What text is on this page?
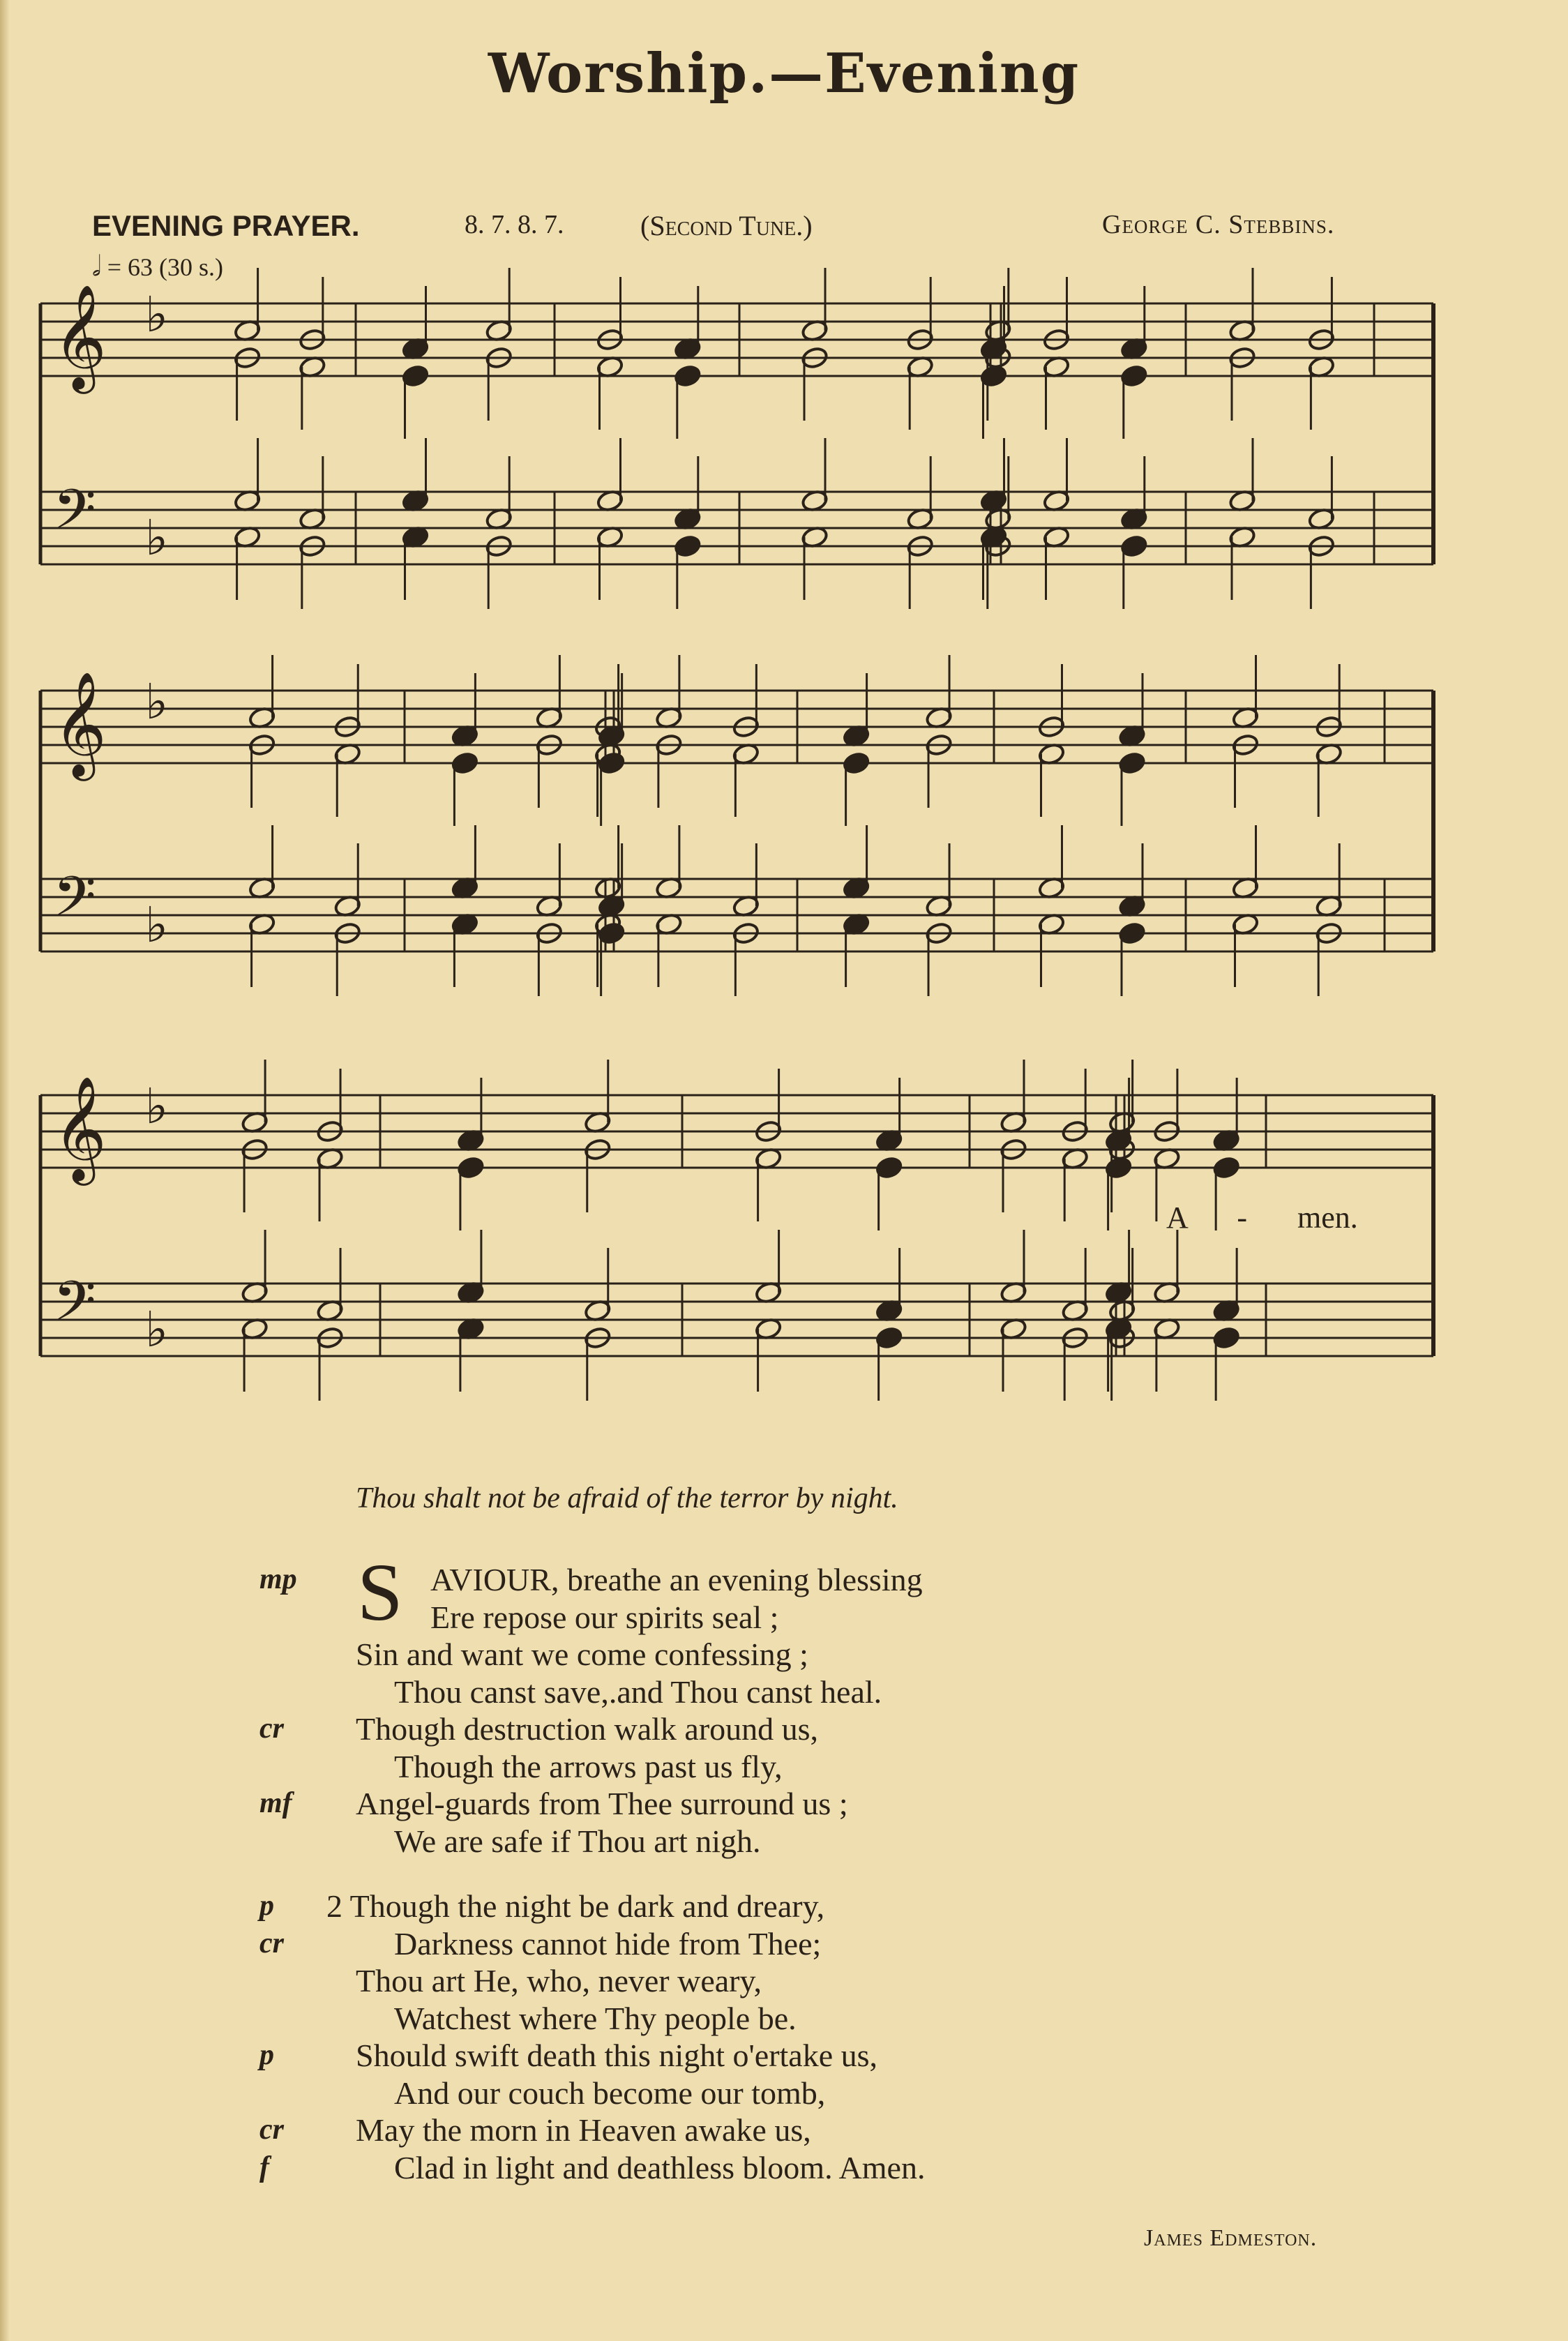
Worship.—Evening
EVENING PRAYER.	8. 7. 8. 7.	(Second Tune.)	George C. Stebbins.
𝅗𝅥 = 63 (30 s.)
𝄞 ♭
𝄢 ♭
𝄞 ♭
𝄢 ♭
𝄞 ♭
𝄢 ♭
A - men.
Thou shalt not be afraid of the terror by night.
mp	AVIOUR, breathe an evening blessing
S Ere repose our spirits seal ;
Sin and want we come confessing ;
Thou canst save,.and Thou canst heal.
cr Though destruction walk around us,
Though the arrows past us fly,
mf Angel-guards from Thee surround us ;
We are safe if Thou art nigh.
p 2 Though the night be dark and dreary,
cr	Darkness cannot hide from Thee;
Thou art He, who, never weary,
Watchest where Thy people be.
p	Should swift death this night o'ertake us,
And our couch become our tomb,
cr May the morn in Heaven awake us,
f	Clad in light and deathless bloom. Amen.
James Edmeston.
